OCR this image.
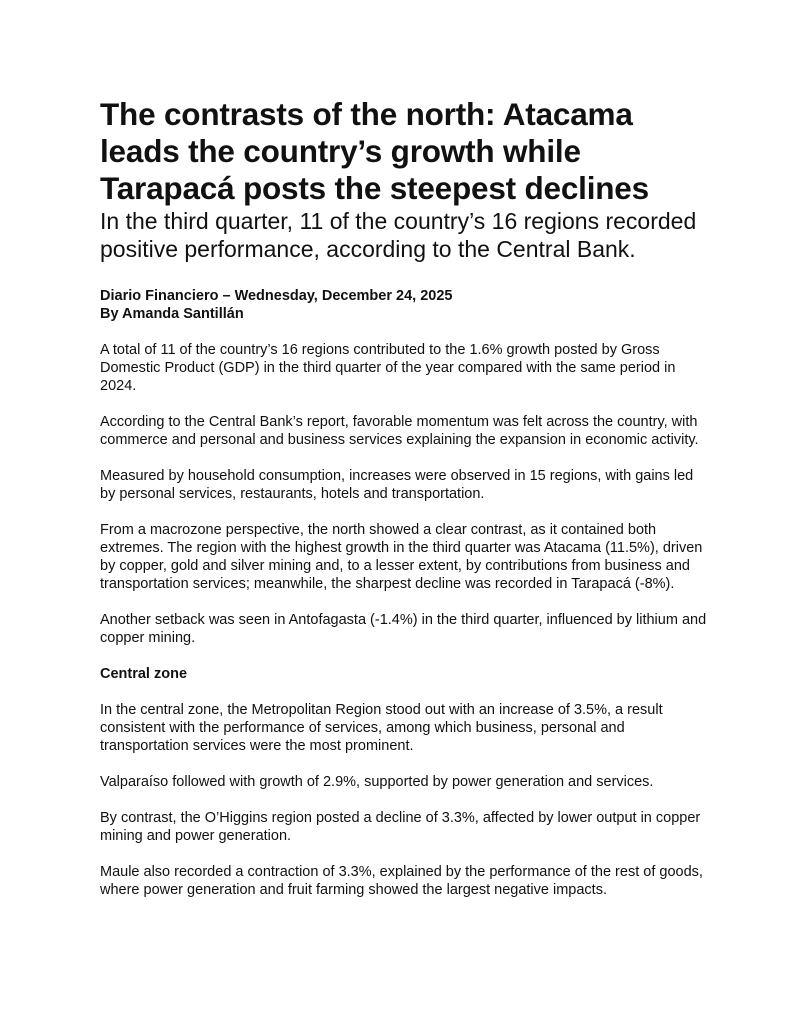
The contrasts of the north: Atacama leads the country’s growth while Tarapacá posts the steepest declines
In the third quarter, 11 of the country’s 16 regions recorded positive performance, according to the Central Bank.
Diario Financiero – Wednesday, December 24, 2025
By Amanda Santillán

A total of 11 of the country’s 16 regions contributed to the 1.6% growth posted by Gross Domestic Product (GDP) in the third quarter of the year compared with the same period in 2024.

According to the Central Bank’s report, favorable momentum was felt across the country, with commerce and personal and business services explaining the expansion in economic activity.

Measured by household consumption, increases were observed in 15 regions, with gains led by personal services, restaurants, hotels and transportation.

From a macrozone perspective, the north showed a clear contrast, as it contained both extremes. The region with the highest growth in the third quarter was Atacama (11.5%), driven by copper, gold and silver mining and, to a lesser extent, by contributions from business and transportation services; meanwhile, the sharpest decline was recorded in Tarapacá (-8%).

Another setback was seen in Antofagasta (-1.4%) in the third quarter, influenced by lithium and copper mining.

Central zone

In the central zone, the Metropolitan Region stood out with an increase of 3.5%, a result consistent with the performance of services, among which business, personal and transportation services were the most prominent.

Valparaíso followed with growth of 2.9%, supported by power generation and services.

By contrast, the O’Higgins region posted a decline of 3.3%, affected by lower output in copper mining and power generation.

Maule also recorded a contraction of 3.3%, explained by the performance of the rest of goods, where power generation and fruit farming showed the largest negative impacts.
